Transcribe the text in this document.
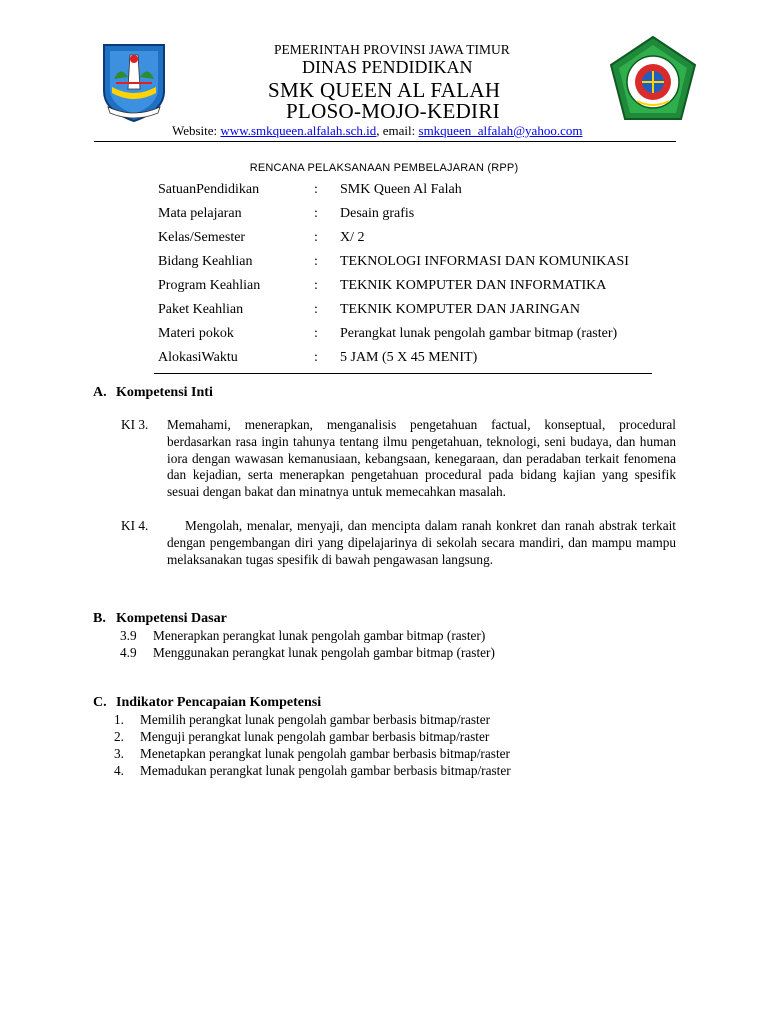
PEMERINTAH PROVINSI JAWA TIMUR
DINAS PENDIDIKAN
SMK QUEEN AL FALAH
PLOSO-MOJO-KEDIRI
Website: www.smkqueen.alfalah.sch.id, email: smkqueen_alfalah@yahoo.com
RENCANA PELAKSANAAN PEMBELAJARAN (RPP)
SatuanPendidikan	: SMK Queen Al Falah
Mata pelajaran	: Desain grafis
Kelas/Semester	: X/ 2
Bidang Keahlian	: TEKNOLOGI INFORMASI DAN KOMUNIKASI
Program Keahlian	: TEKNIK KOMPUTER DAN INFORMATIKA
Paket Keahlian	: TEKNIK KOMPUTER DAN JARINGAN
Materi pokok	: Perangkat lunak pengolah gambar bitmap (raster)
AlokasiWaktu	: 5 JAM (5 X 45 MENIT)
A. Kompetensi Inti
KI 3. Memahami, menerapkan, menganalisis pengetahuan factual, konseptual, procedural berdasarkan rasa ingin tahunya tentang ilmu pengetahuan, teknologi, seni budaya, dan human iora dengan wawasan kemanusiaan, kebangsaan, kenegaraan, dan peradaban terkait fenomena dan kejadian, serta menerapkan pengetahuan procedural pada bidang kajian yang spesifik sesuai dengan bakat dan minatnya untuk memecahkan masalah.
KI 4.	Mengolah, menalar, menyaji, dan mencipta dalam ranah konkret dan ranah abstrak terkait dengan pengembangan diri yang dipelajarinya di sekolah secara mandiri, dan mampu mampu melaksanakan tugas spesifik di bawah pengawasan langsung.
B. Kompetensi Dasar
3.9 Menerapkan perangkat lunak pengolah gambar bitmap (raster)
4.9 Menggunakan perangkat lunak pengolah gambar bitmap (raster)
C. Indikator Pencapaian Kompetensi
1. Memilih perangkat lunak pengolah gambar berbasis bitmap/raster
2. Menguji perangkat lunak pengolah gambar berbasis bitmap/raster
3. Menetapkan perangkat lunak pengolah gambar berbasis bitmap/raster
4. Memadukan perangkat lunak pengolah gambar berbasis bitmap/raster
